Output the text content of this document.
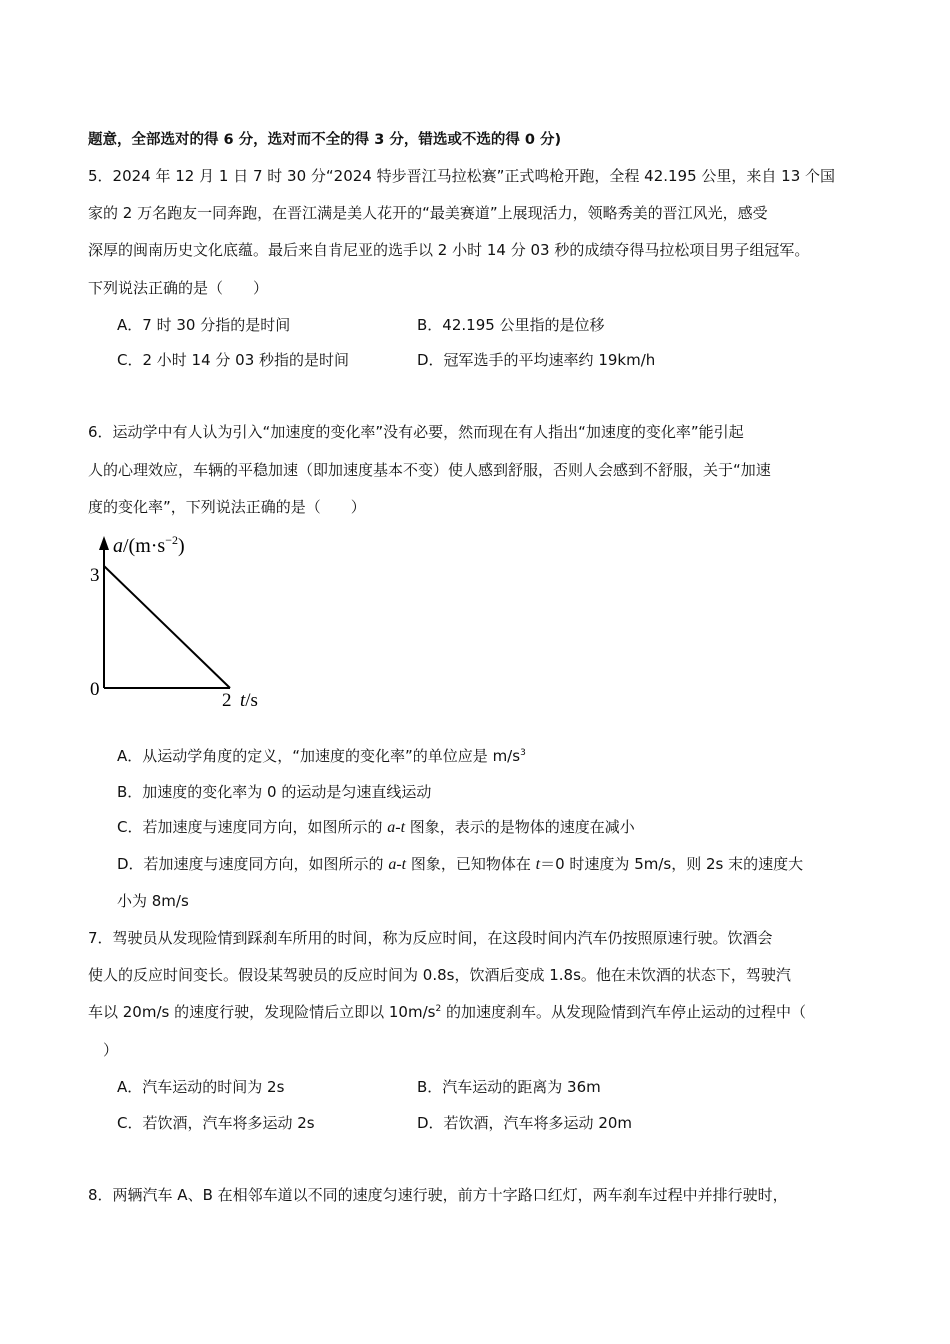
题意，全部选对的得 6 分，选对而不全的得 3 分，错选或不选的得 0 分)
5．2024 年 12 月 1 日 7 时 30 分“2024 特步晋江马拉松赛”正式鸣枪开跑，全程 42.195 公里，来自 13 个国
家的 2 万名跑友一同奔跑，在晋江满是美人花开的“最美赛道”上展现活力，领略秀美的晋江风光，感受
深厚的闽南历史文化底蕴。最后来自肯尼亚的选手以 2 小时 14 分 03 秒的成绩夺得马拉松项目男子组冠军。
下列说法正确的是（　　）
A．7 时 30 分指的是时间	B．42.195 公里指的是位移
C．2 小时 14 分 03 秒指的是时间	D．冠军选手的平均速率约 19km/h
6．运动学中有人认为引入“加速度的变化率”没有必要，然而现在有人指出“加速度的变化率”能引起
人的心理效应，车辆的平稳加速（即加速度基本不变）使人感到舒服，否则人会感到不舒服，关于“加速
度的变化率”，下列说法正确的是（　　）
$a/(m\cdot s^{-2})$
3
0
2 t/s
A．从运动学角度的定义，“加速度的变化率”的单位应是 $m/s^3$
B．加速度的变化率为 0 的运动是匀速直线运动
C．若加速度与速度同方向，如图所示的 a-t 图象，表示的是物体的速度在减小
D．若加速度与速度同方向，如图所示的 a-t 图象，已知物体在 t＝0 时速度为 5m/s，则 2s 末的速度大
小为 8m/s
7．驾驶员从发现险情到踩刹车所用的时间，称为反应时间，在这段时间内汽车仍按照原速行驶。饮酒会
使人的反应时间变长。假设某驾驶员的反应时间为 0.8s，饮酒后变成 1.8s。他在未饮酒的状态下，驾驶汽
车以 20m/s 的速度行驶，发现险情后立即以 $10m/s^2$ 的加速度刹车。从发现险情到汽车停止运动的过程中（
　）
A．汽车运动的时间为 2s	B．汽车运动的距离为 36m
C．若饮酒，汽车将多运动 2s	D．若饮酒，汽车将多运动 20m
8．两辆汽车 A、B 在相邻车道以不同的速度匀速行驶，前方十字路口红灯，两车刹车过程中并排行驶时，
